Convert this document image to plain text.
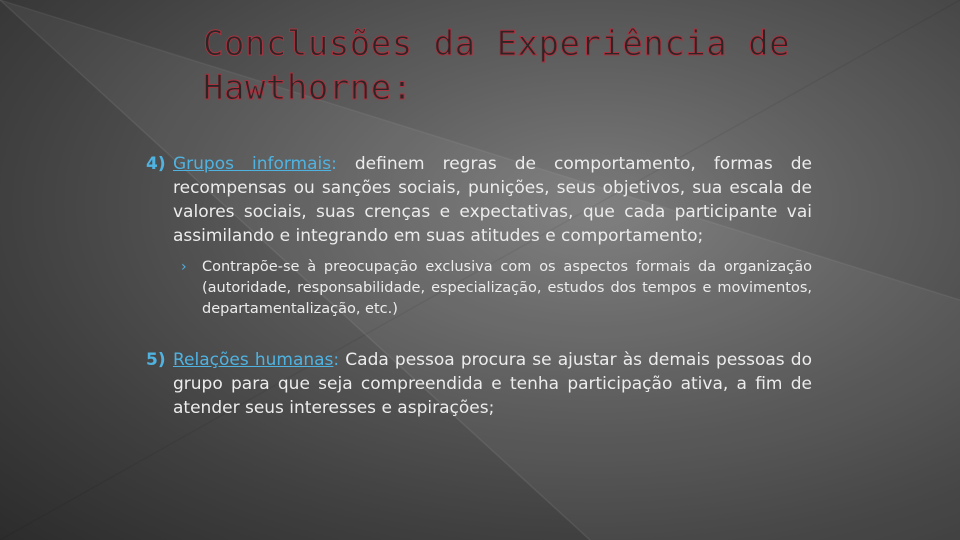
Conclusões da Experiência de Hawthorne:

4) Grupos informais: definem regras de comportamento, formas de recompensas ou sanções sociais, punições, seus objetivos, sua escala de valores sociais, suas crenças e expectativas, que cada participante vai assimilando e integrando em suas atitudes e comportamento;

› Contrapõe-se à preocupação exclusiva com os aspectos formais da organização (autoridade, responsabilidade, especialização, estudos dos tempos e movimentos, departamentalização, etc.)

5) Relações humanas: Cada pessoa procura se ajustar às demais pessoas do grupo para que seja compreendida e tenha participação ativa, a fim de atender seus interesses e aspirações;
